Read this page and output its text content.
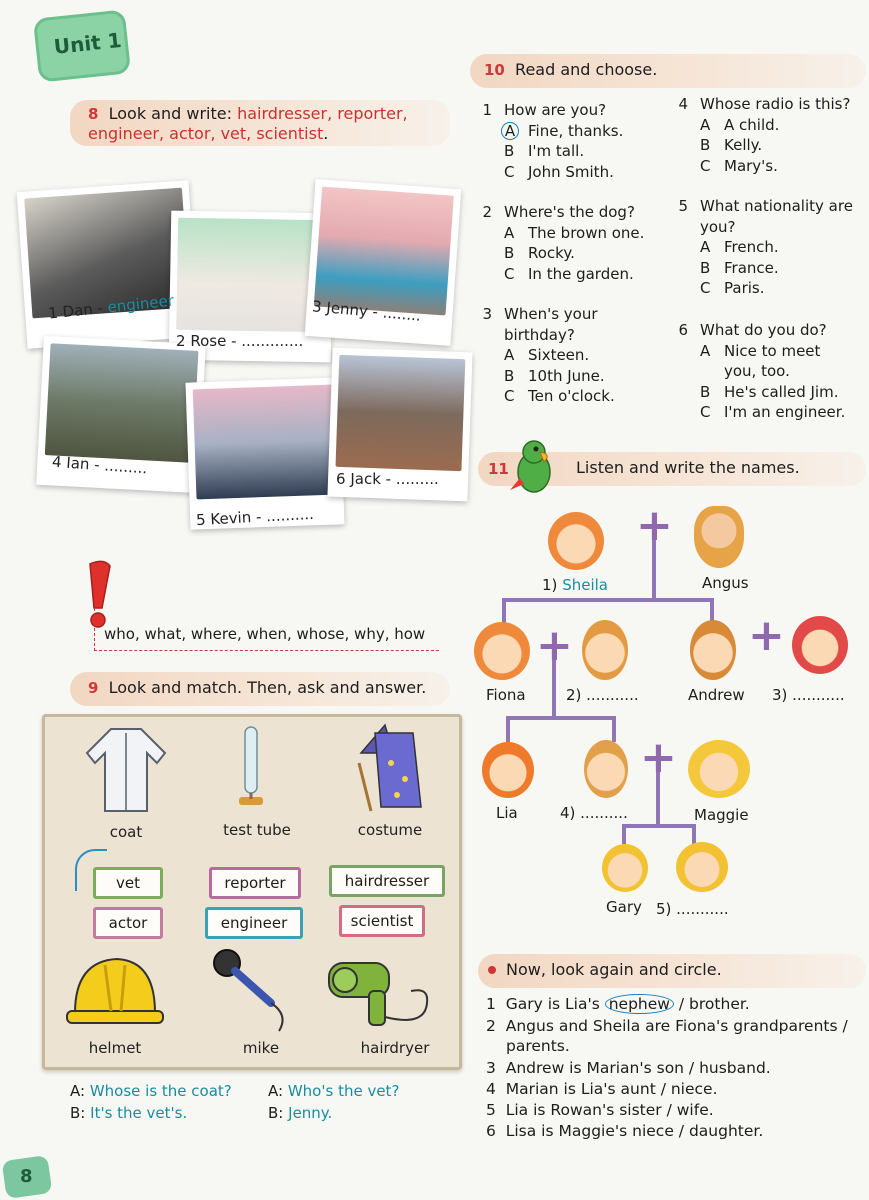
Unit 1
8 Look and write: hairdresser, reporter,
engineer, actor, vet, scientist.
1 Dan - engineer
2 Rose - .............
3 Jenny - ........
4 Ian - .........
5 Kevin - ..........
6 Jack - .........
who, what, where, when, whose, why, how
9 Look and match. Then, ask and answer.
coat	test tube	costume
vet	reporter	hairdresser
actor	engineer	scientist
helmet	mike	hairdryer
A: Whose is the coat?
B: It's the vet's.
A: Who's the vet?
B: Jenny.
8
10 Read and choose.
1 How are you?
A Fine, thanks.
B I'm tall.
C John Smith.
2 Where's the dog?
A The brown one.
B Rocky.
C In the garden.
3 When's your
birthday?
A Sixteen.
B 10th June.
C Ten o'clock.
4 Whose radio is this?
A A child.
B Kelly.
C Mary's.
5 What nationality are
you?
A French.
B France.
C Paris.
6 What do you do?
A Nice to meet
you, too.
B He's called Jim.
C I'm an engineer.
11	Listen and write the names.
+
+	+
+
1) Sheila	Angus
Fiona	2) ...........	Andrew 3) ...........
Lia	4) ..........	Maggie
Gary 5) ...........
Now, look again and circle.
1 Gary is Lia's nephew / brother.
2 Angus and Sheila are Fiona's grandparents /
parents.
3 Andrew is Marian's son / husband.
4 Marian is Lia's aunt / niece.
5 Lia is Rowan's sister / wife.
6 Lisa is Maggie's niece / daughter.
